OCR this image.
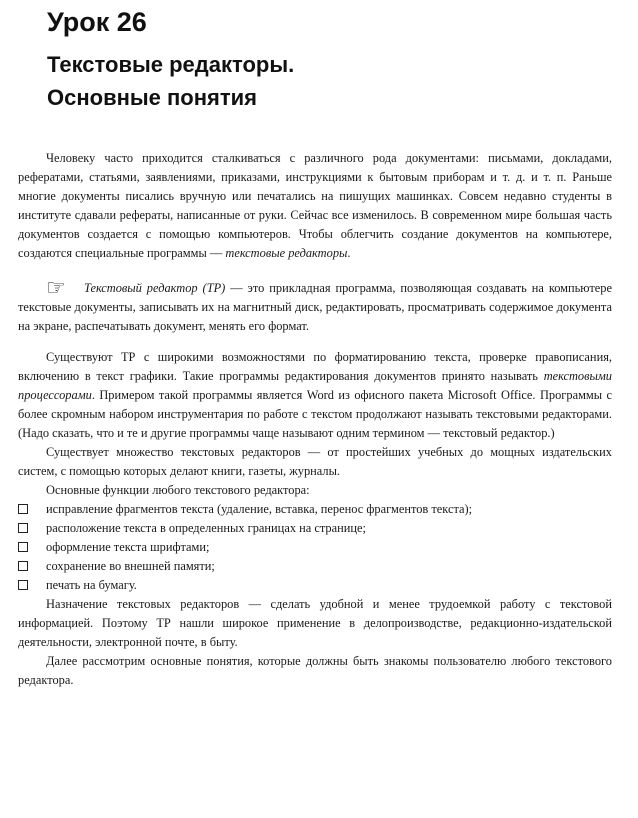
Урок 26
Текстовые редакторы.
Основные понятия

Человеку часто приходится сталкиваться с различного рода документами: письмами, докладами, рефератами, статьями, заявлениями, приказами, инструкциями к бытовым приборам и т. д. и т. п. Раньше многие документы писались вручную или печатались на пишущих машинках. Совсем недавно студенты в институте сдавали рефераты, написанные от руки. Сейчас все изменилось. В современном мире большая часть документов создается с помощью компьютеров. Чтобы облегчить создание документов на компьютере, создаются специальные программы — текстовые редакторы.

☞ Текстовый редактор (ТР) — это прикладная программа, позволяющая создавать на компьютере текстовые документы, записывать их на магнитный диск, редактировать, просматривать содержимое документа на экране, распечатывать документ, менять его формат.

Существуют ТР с широкими возможностями по форматированию текста, проверке правописания, включению в текст графики. Такие программы редактирования документов принято называть текстовыми процессорами. Примером такой программы является Word из офисного пакета Microsoft Office. Программы с более скромным набором инструментария по работе с текстом продолжают называть текстовыми редакторами. (Надо сказать, что и те и другие программы чаще называют одним термином — текстовый редактор.)

Существует множество текстовых редакторов — от простейших учебных до мощных издательских систем, с помощью которых делают книги, газеты, журналы.

Основные функции любого текстового редактора:

исправление фрагментов текста (удаление, вставка, перенос фрагментов текста);
расположение текста в определенных границах на странице;
оформление текста шрифтами;
сохранение во внешней памяти;
печать на бумагу.

Назначение текстовых редакторов — сделать удобной и менее трудоемкой работу с текстовой информацией. Поэтому ТР нашли широкое применение в делопроизводстве, редакционно-издательской деятельности, электронной почте, в быту.

Далее рассмотрим основные понятия, которые должны быть знакомы пользователю любого текстового редактора.
